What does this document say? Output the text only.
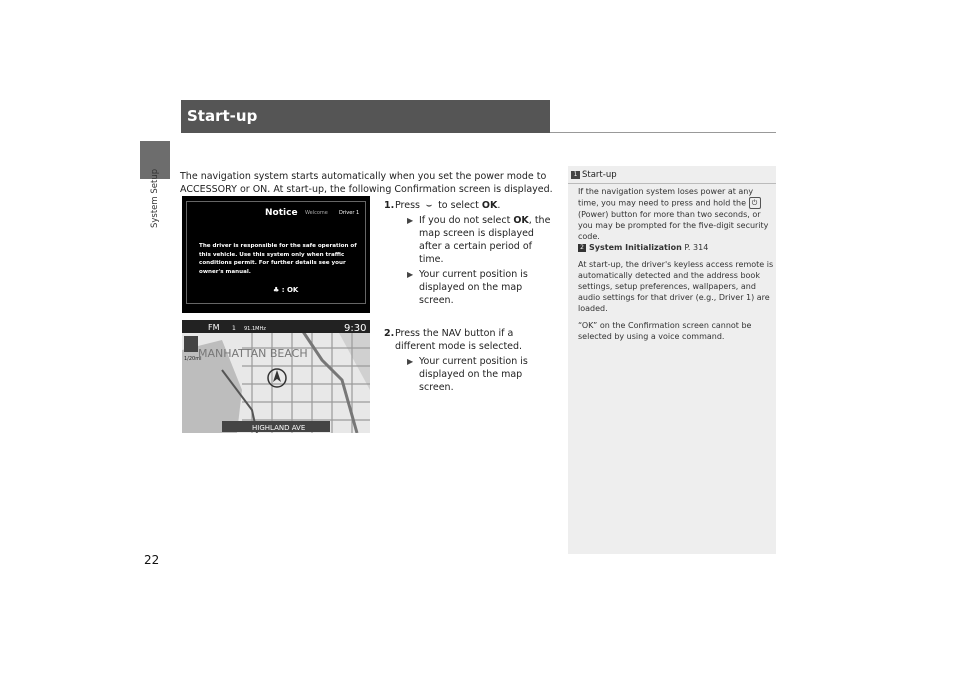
System Setup
22
Start-up
The navigation system starts automatically when you set the power mode to ACCESSORY or ON. At start-up, the following Confirmation screen is displayed.
Notice Welcome Driver 1
The driver is responsible for the safe operation of this vehicle. Use this system only when traffic conditions permit. For further details see your owner's manual.
♣ : OK
FM 1 91.1MHz	9:30
1/20mi
MANHATTAN BEACH
HIGHLAND AVE
1. Press ⌣ to select OK.
▶ If you do not select OK, the map screen is displayed after a certain period of time.
▶ Your current position is displayed on the map screen.
2. Press the NAV button if a different mode is selected.
▶ Your current position is displayed on the map screen.
1 Start-up

If the navigation system loses power at any time, you may need to press and hold the ⏻ (Power) button for more than two seconds, or you may be prompted for the five-digit security code.
2 System Initialization P. 314

At start-up, the driver's keyless access remote is automatically detected and the address book settings, setup preferences, wallpapers, and audio settings for that driver (e.g., Driver 1) are loaded.

“OK” on the Confirmation screen cannot be selected by using a voice command.
